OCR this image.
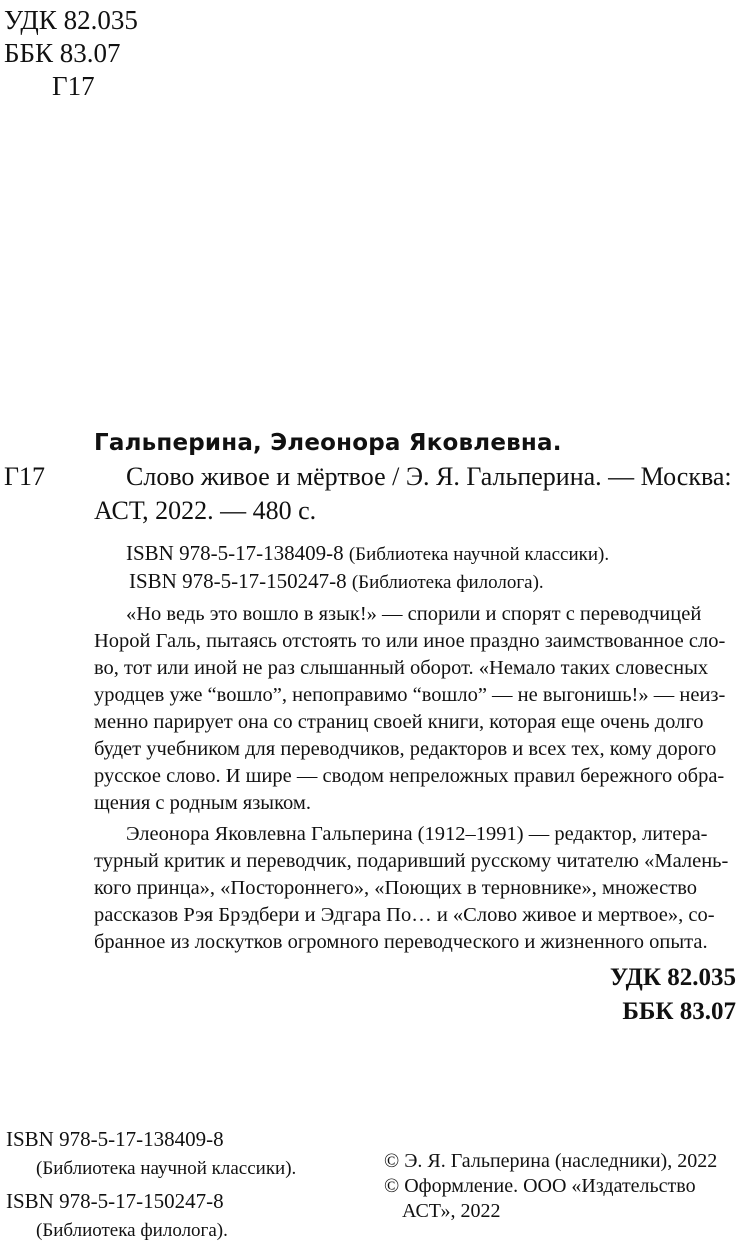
УДК 82.035
ББК 83.07
Г17
Гальперина, Элеонора Яковлевна.
Г17	Слово живое и мёртвое / Э. Я. Гальперина. — Москва:
АСТ, 2022. — 480 с.
ISBN 978-5-17-138409-8 (Библиотека научной классики).
ISBN 978-5-17-150247-8 (Библиотека филолога).
«Но ведь это вошло в язык!» — спорили и спорят с переводчицей
Норой Галь, пытаясь отстоять то или иное праздно заимствованное сло-
во, тот или иной не раз слышанный оборот. «Немало таких словесных
уродцев уже “вошло”, непоправимо “вошло” — не выгонишь!» — неиз-
менно парирует она со страниц своей книги, которая еще очень долго
будет учебником для переводчиков, редакторов и всех тех, кому дорого
русское слово. И шире — сводом непреложных правил бережного обра-
щения с родным языком.
Элеонора Яковлевна Гальперина (1912–1991) — редактор, литера-
турный критик и переводчик, подаривший русскому читателю «Малень-
кого принца», «Постороннего», «Поющих в терновнике», множество
рассказов Рэя Брэдбери и Эдгара По… и «Слово живое и мертвое», со-
бранное из лоскутков огромного переводческого и жизненного опыта.
УДК 82.035
ББК 83.07
ISBN 978-5-17-138409-8
(Библиотека научной классики).
ISBN 978-5-17-150247-8
(Библиотека филолога).
© Э. Я. Гальперина (наследники), 2022
© Оформление. ООО «Издательство
АСТ», 2022
